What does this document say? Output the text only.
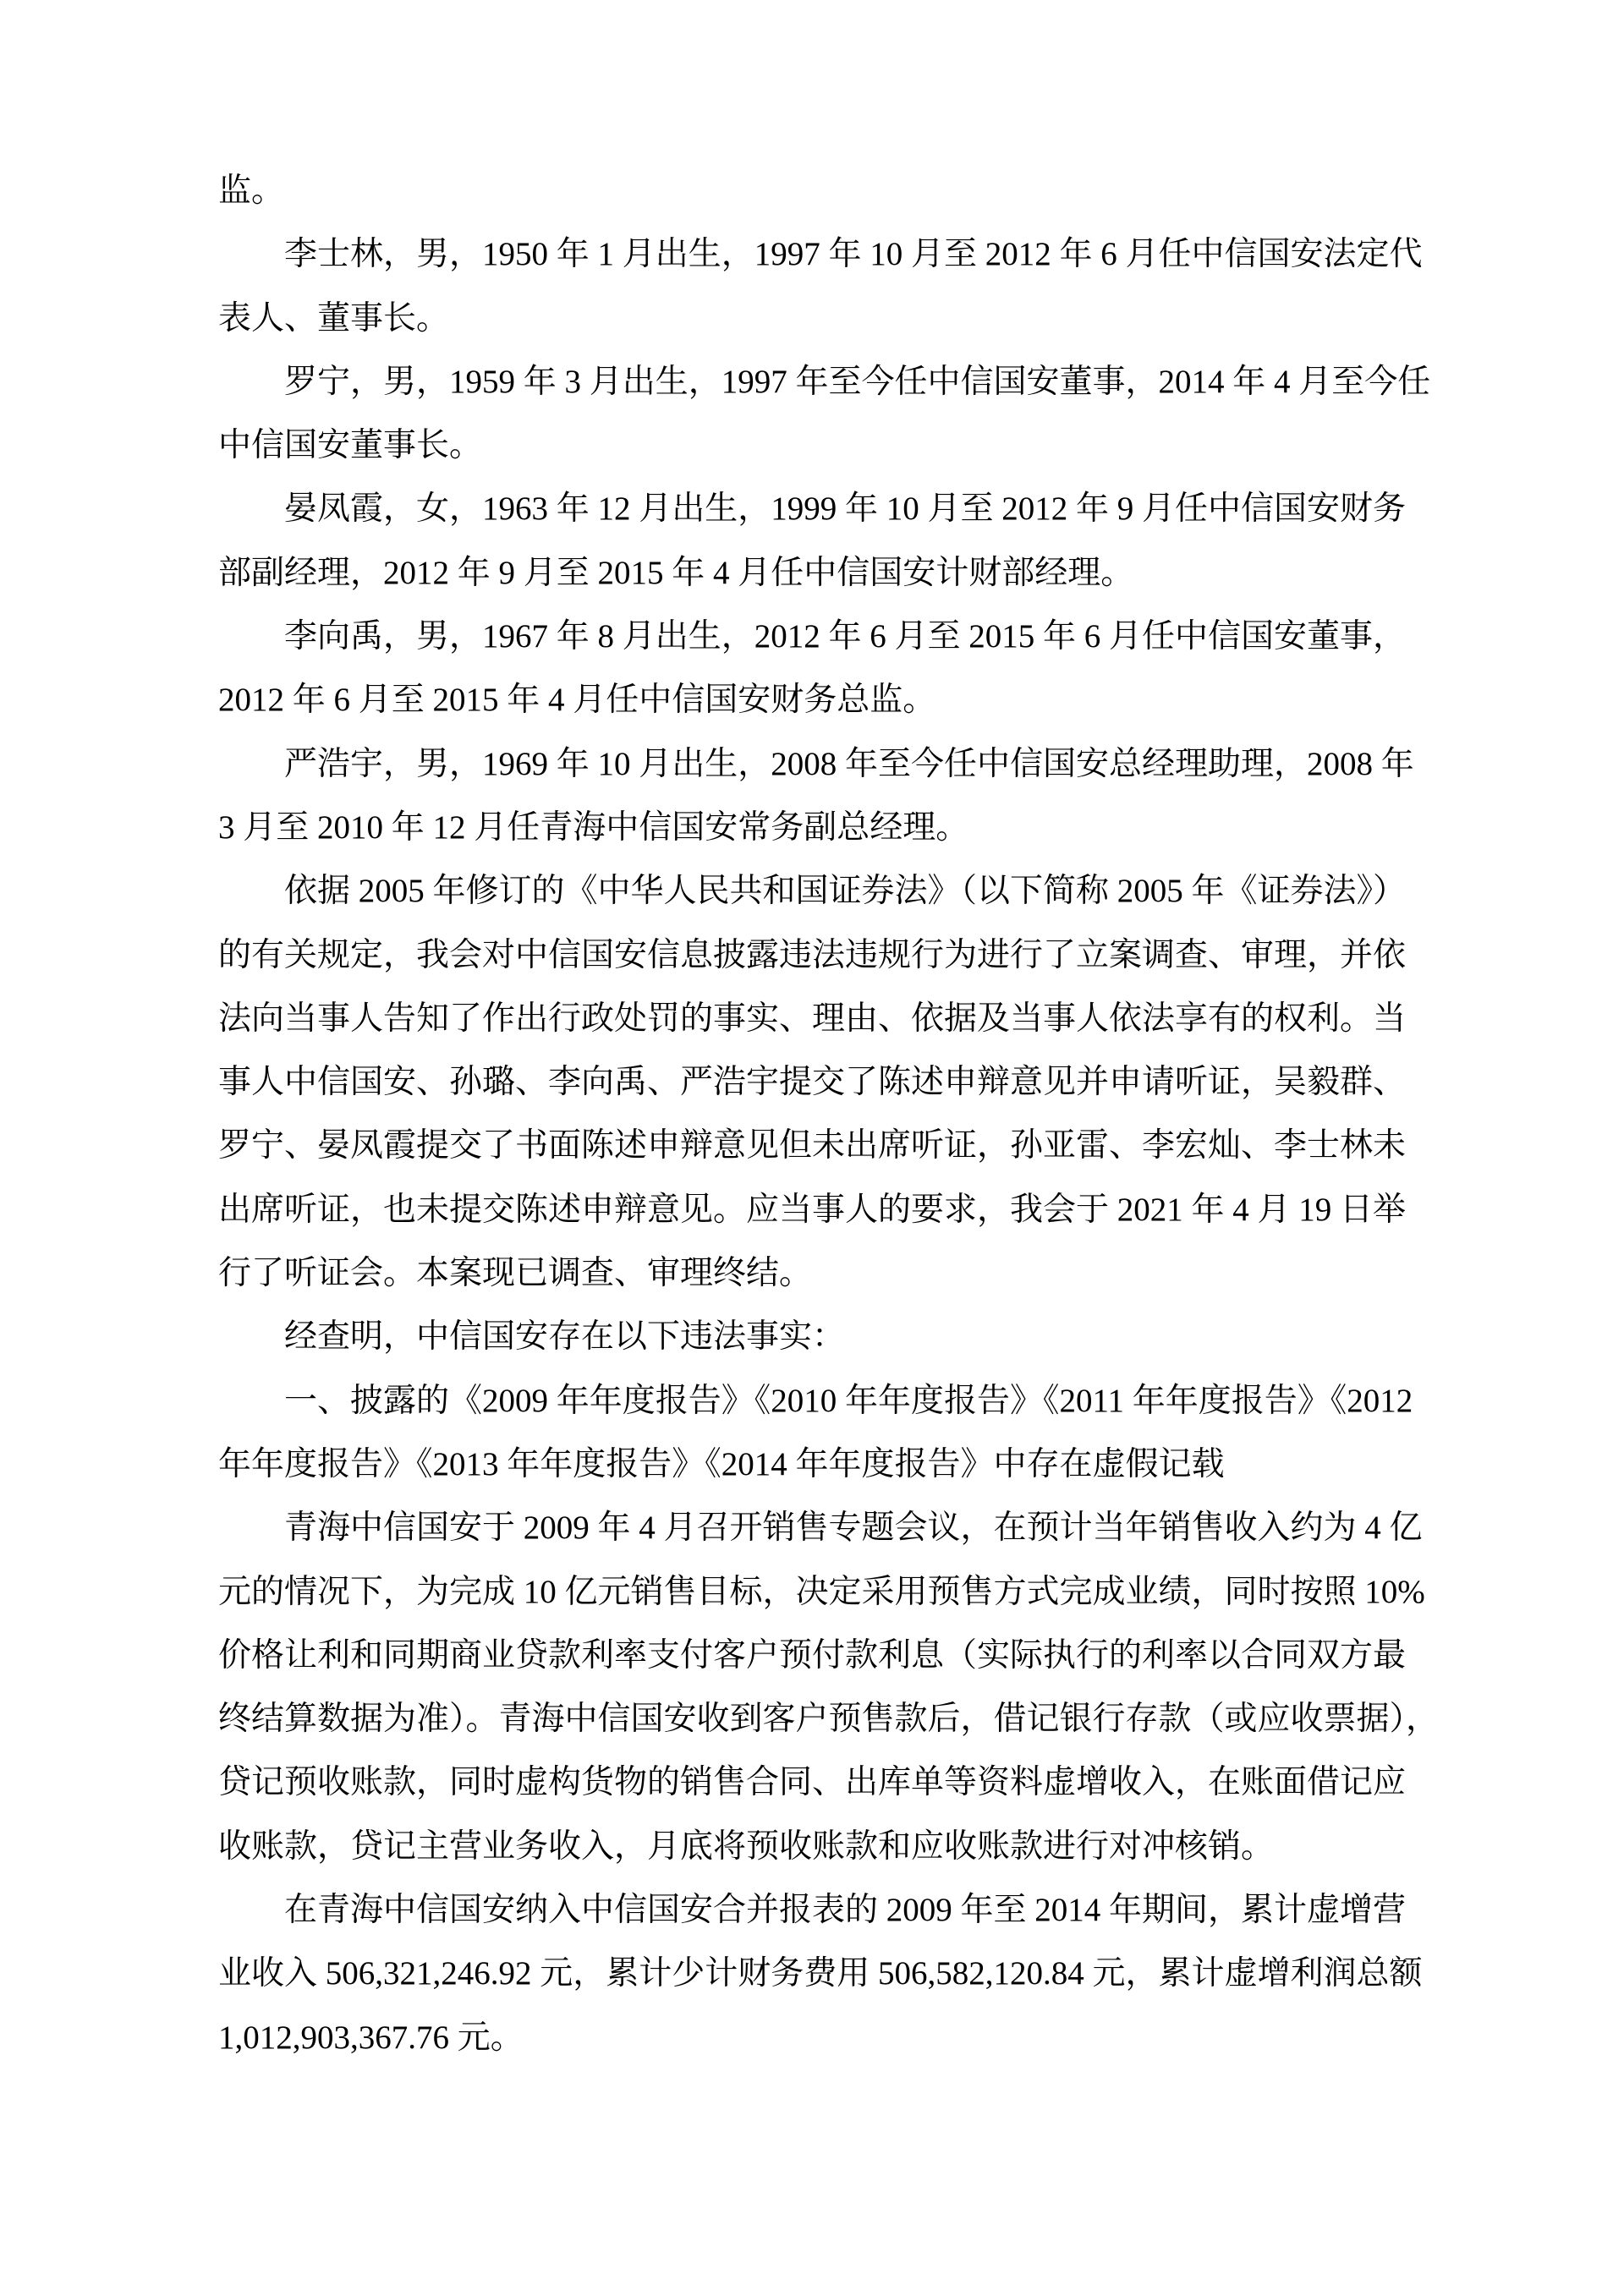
监。
李士林，男，1950 年 1 月出生，1997 年 10 月至 2012 年 6 月任中信国安法定代
表人、董事长。
罗宁，男，1959 年 3 月出生，1997 年至今任中信国安董事，2014 年 4 月至今任
中信国安董事长。
晏凤霞，女，1963 年 12 月出生，1999 年 10 月至 2012 年 9 月任中信国安财务
部副经理，2012 年 9 月至 2015 年 4 月任中信国安计财部经理。
李向禹，男，1967 年 8 月出生，2012 年 6 月至 2015 年 6 月任中信国安董事，
2012 年 6 月至 2015 年 4 月任中信国安财务总监。
严浩宇，男，1969 年 10 月出生，2008 年至今任中信国安总经理助理，2008 年
3 月至 2010 年 12 月任青海中信国安常务副总经理。
依据 2005 年修订的《中华人民共和国证券法》（以下简称 2005 年《证券法》）
的有关规定，我会对中信国安信息披露违法违规行为进行了立案调查、审理，并依
法向当事人告知了作出行政处罚的事实、理由、依据及当事人依法享有的权利。当
事人中信国安、孙璐、李向禹、严浩宇提交了陈述申辩意见并申请听证，吴毅群、
罗宁、晏凤霞提交了书面陈述申辩意见但未出席听证，孙亚雷、李宏灿、李士林未
出席听证，也未提交陈述申辩意见。应当事人的要求，我会于 2021 年 4 月 19 日举
行了听证会。本案现已调查、审理终结。
经查明，中信国安存在以下违法事实：
一、披露的《2009 年年度报告》《2010 年年度报告》《2011 年年度报告》《2012
年年度报告》《2013 年年度报告》《2014 年年度报告》中存在虚假记载
青海中信国安于 2009 年 4 月召开销售专题会议，在预计当年销售收入约为 4 亿
元的情况下，为完成 10 亿元销售目标，决定采用预售方式完成业绩，同时按照 10%
价格让利和同期商业贷款利率支付客户预付款利息（实际执行的利率以合同双方最
终结算数据为准）。青海中信国安收到客户预售款后，借记银行存款（或应收票据），
贷记预收账款，同时虚构货物的销售合同、出库单等资料虚增收入，在账面借记应
收账款，贷记主营业务收入，月底将预收账款和应收账款进行对冲核销。
在青海中信国安纳入中信国安合并报表的 2009 年至 2014 年期间，累计虚增营
业收入 506,321,246.92 元，累计少计财务费用 506,582,120.84 元，累计虚增利润总额
1,012,903,367.76 元。
